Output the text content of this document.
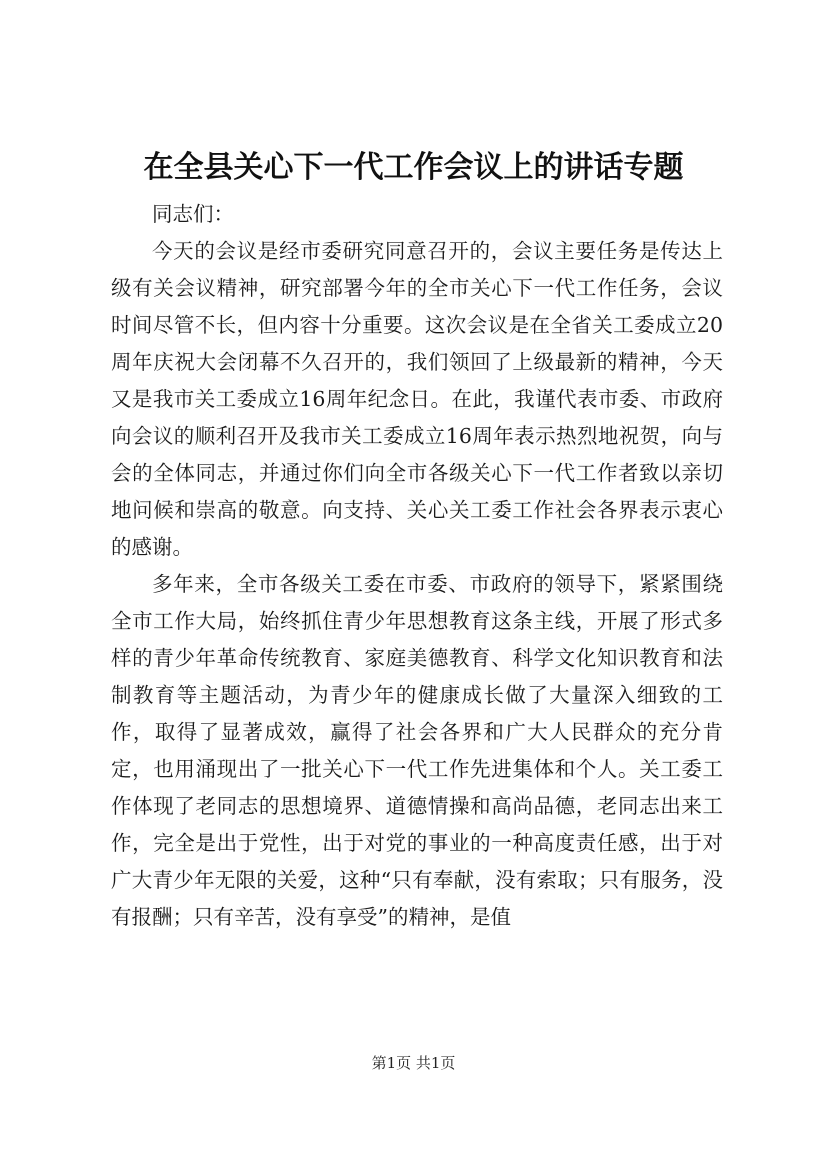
在全县关心下一代工作会议上的讲话专题

同志们：

今天的会议是经市委研究同意召开的，会议主要任务是传达上级有关会议精神，研究部署今年的全市关心下一代工作任务，会议时间尽管不长，但内容十分重要。这次会议是在全省关工委成立20周年庆祝大会闭幕不久召开的，我们领回了上级最新的精神，今天又是我市关工委成立16周年纪念日。在此，我谨代表市委、市政府向会议的顺利召开及我市关工委成立16周年表示热烈地祝贺，向与会的全体同志，并通过你们向全市各级关心下一代工作者致以亲切地问候和崇高的敬意。向支持、关心关工委工作社会各界表示衷心的感谢。

多年来，全市各级关工委在市委、市政府的领导下，紧紧围绕全市工作大局，始终抓住青少年思想教育这条主线，开展了形式多样的青少年革命传统教育、家庭美德教育、科学文化知识教育和法制教育等主题活动，为青少年的健康成长做了大量深入细致的工作，取得了显著成效，赢得了社会各界和广大人民群众的充分肯定，也用涌现出了一批关心下一代工作先进集体和个人。关工委工作体现了老同志的思想境界、道德情操和高尚品德，老同志出来工作，完全是出于党性，出于对党的事业的一种高度责任感，出于对广大青少年无限的关爱，这种“只有奉献，没有索取；只有服务，没有报酬；只有辛苦，没有享受”的精神，是值

第1页 共1页
